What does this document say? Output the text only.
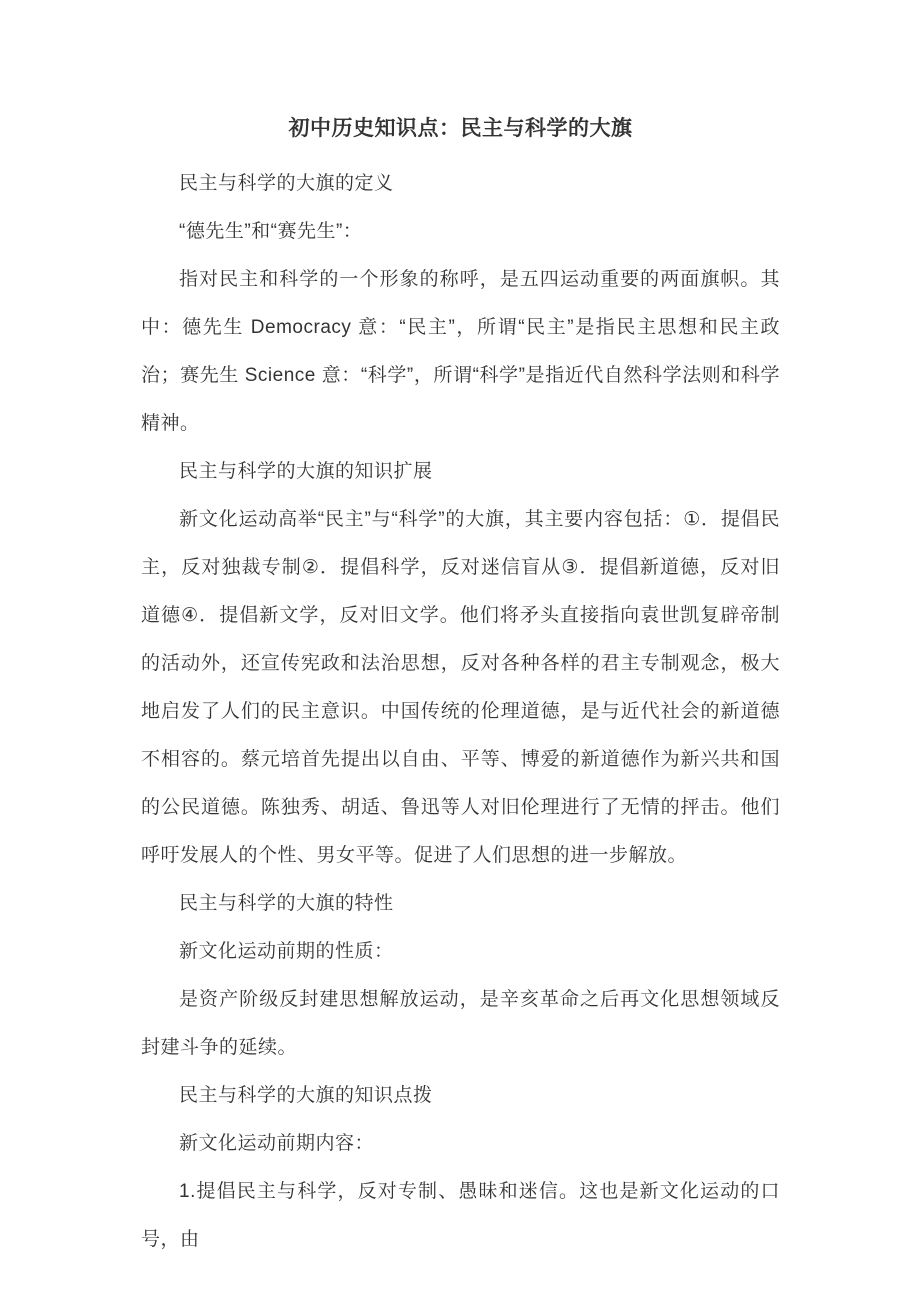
初中历史知识点：民主与科学的大旗

民主与科学的大旗的定义

“德先生”和“赛先生”：

指对民主和科学的一个形象的称呼，是五四运动重要的两面旗帜。其中：德先生 Democracy 意：“民主”，所谓“民主”是指民主思想和民主政治；赛先生 Science 意：“科学”，所谓“科学”是指近代自然科学法则和科学精神。

民主与科学的大旗的知识扩展

新文化运动高举“民主”与“科学”的大旗，其主要内容包括：①．提倡民主，反对独裁专制②．提倡科学，反对迷信盲从③．提倡新道德，反对旧道德④．提倡新文学，反对旧文学。他们将矛头直接指向袁世凯复辟帝制的活动外，还宣传宪政和法治思想，反对各种各样的君主专制观念，极大地启发了人们的民主意识。中国传统的伦理道德，是与近代社会的新道德不相容的。蔡元培首先提出以自由、平等、博爱的新道德作为新兴共和国的公民道德。陈独秀、胡适、鲁迅等人对旧伦理进行了无情的抨击。他们呼吁发展人的个性、男女平等。促进了人们思想的进一步解放。

民主与科学的大旗的特性

新文化运动前期的性质：

是资产阶级反封建思想解放运动，是辛亥革命之后再文化思想领域反封建斗争的延续。

民主与科学的大旗的知识点拨

新文化运动前期内容：

1.提倡民主与科学，反对专制、愚昧和迷信。这也是新文化运动的口号，由
